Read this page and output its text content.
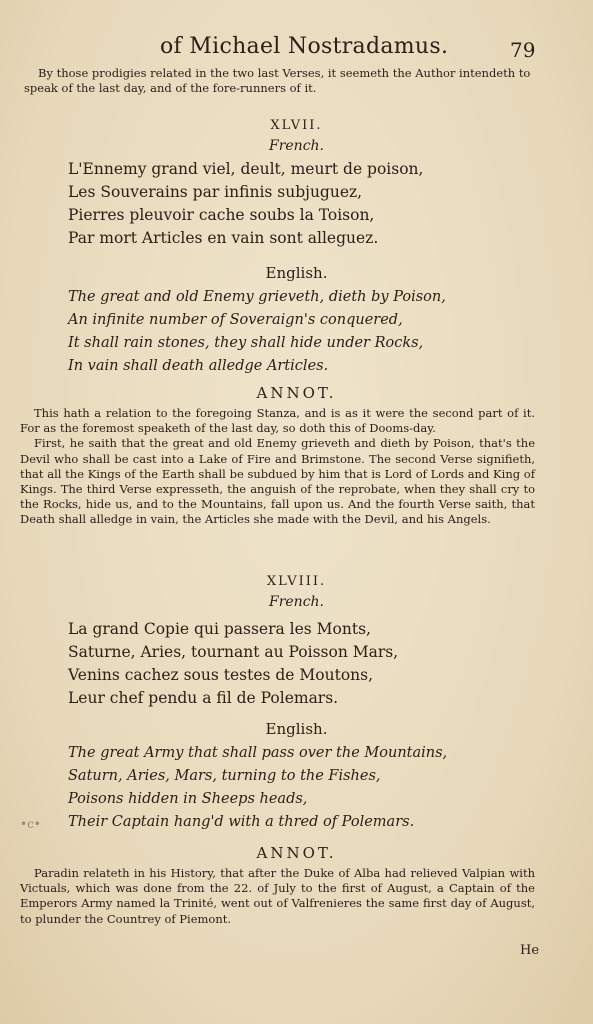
of Michael Nostradamus.	79

By those prodigies related in the two last Verses, it seemeth the Author intendeth to speak of the last day, and of the fore-runners of it.

XLVII.
French.
L'Ennemy grand viel, deult, meurt de poison,
Les Souverains par infinis subjuguez,
Pierres pleuvoir cache soubs la Toison,
Par mort Articles en vain sont alleguez.
English.
The great and old Enemy grieveth, dieth by Poison,
An infinite number of Soveraign's conquered,
It shall rain stones, they shall hide under Rocks,
In vain shall death alledge Articles.
ANNOT.

This hath a relation to the foregoing Stanza, and is as it were the second part of it. For as the foremost speaketh of the last day, so doth this of Dooms-day.

First, he saith that the great and old Enemy grieveth and dieth by Poison, that's the Devil who shall be cast into a Lake of Fire and Brimstone. The second Verse signifieth, that all the Kings of the Earth shall be subdued by him that is Lord of Lords and King of Kings. The third Verse expresseth, the anguish of the reprobate, when they shall cry to the Rocks, hide us, and to the Mountains, fall upon us. And the fourth Verse saith, that Death shall alledge in vain, the Articles she made with the Devil, and his Angels.

XLVIII.
French.
La grand Copie qui passera les Monts,
Saturne, Aries, tournant au Poisson Mars,
Venins cachez sous testes de Moutons,
Leur chef pendu a fil de Polemars.
English.
The great Army that shall pass over the Mountains,
Saturn, Aries, Mars, turning to the Fishes,
Poisons hidden in Sheeps heads,
Their Captain hang'd with a thred of Polemars.
•c•
ANNOT.

Paradin relateth in his History, that after the Duke of Alba had relieved Valpian with Victuals, which was done from the 22. of July to the first of August, a Captain of the Emperors Army named la Trinité, went out of Valfrenieres the same first day of August, to plunder the Countrey of Piemont.

He
